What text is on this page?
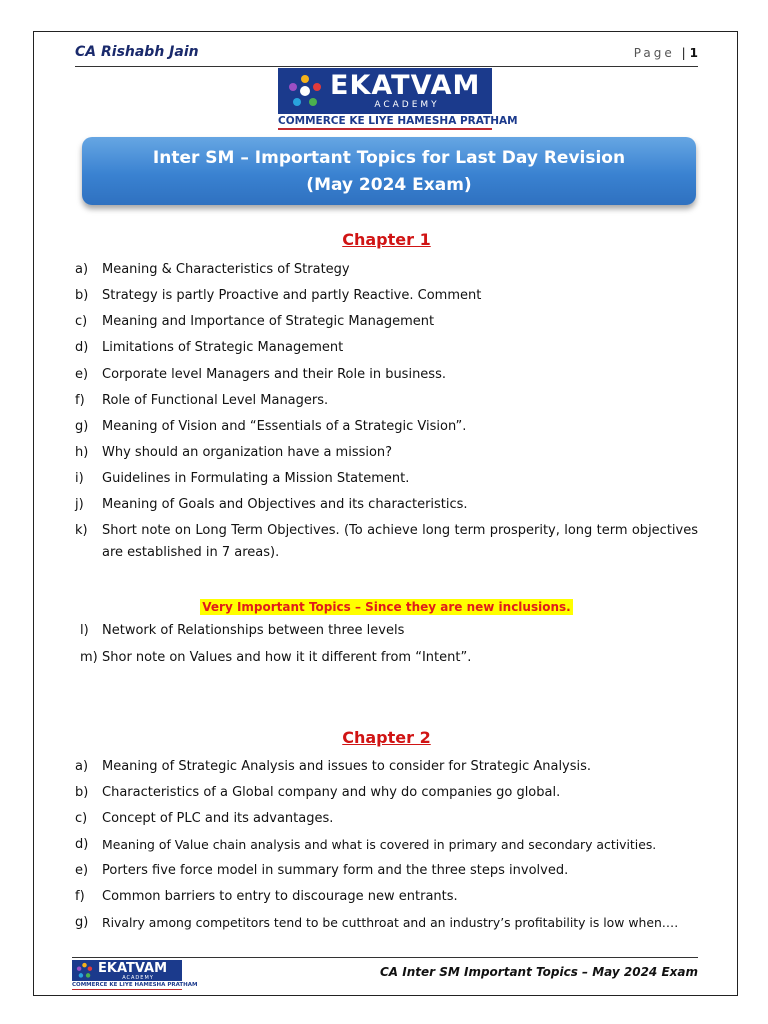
CA Rishabh Jain	Page | 1
EKATVAM
ACADEMY
COMMERCE KE LIYE HAMESHA PRATHAM
Inter SM – Important Topics for Last Day Revision
(May 2024 Exam)
Chapter 1
a)	Meaning & Characteristics of Strategy
b)	Strategy is partly Proactive and partly Reactive. Comment
c)	Meaning and Importance of Strategic Management
d)	Limitations of Strategic Management
e)	Corporate level Managers and their Role in business.
f)	Role of Functional Level Managers.
g)	Meaning of Vision and “Essentials of a Strategic Vision”.
h)	Why should an organization have a mission?
i)	Guidelines in Formulating a Mission Statement.
j)	Meaning of Goals and Objectives and its characteristics.
k)	Short note on Long Term Objectives. (To achieve long term prosperity, long term objectives are established in 7 areas).
Very Important Topics – Since they are new inclusions.
l)	Network of Relationships between three levels
m) Shor note on Values and how it it different from “Intent”.
Chapter 2
a)	Meaning of Strategic Analysis and issues to consider for Strategic Analysis.
b)	Characteristics of a Global company and why do companies go global.
c)	Concept of PLC and its advantages.
d)	Meaning of Value chain analysis and what is covered in primary and secondary activities.
e)	Porters five force model in summary form and the three steps involved.
f)	Common barriers to entry to discourage new entrants.
g)	Rivalry among competitors tend to be cutthroat and an industry’s profitability is low when….
EKATVAM
ACADEMY
COMMERCE KE LIYE HAMESHA PRATHAM
CA Inter SM Important Topics – May 2024 Exam
